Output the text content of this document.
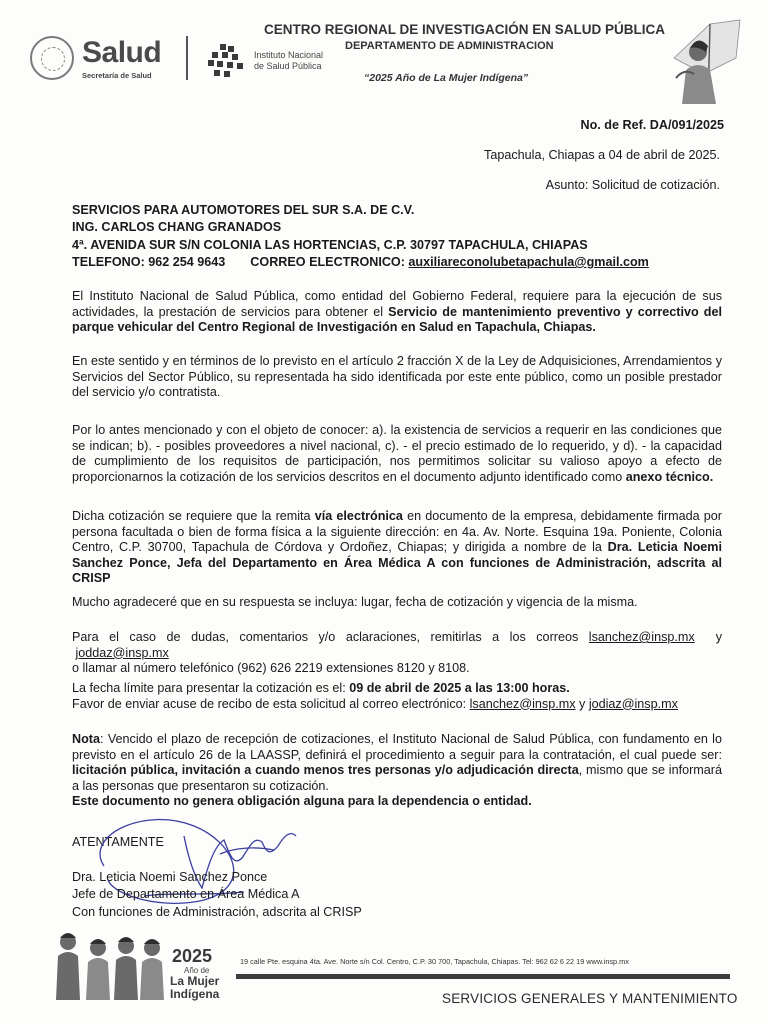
Salud
Secretaría de Salud
Instituto Nacional
de Salud Pública
CENTRO REGIONAL DE INVESTIGACIÓN EN SALUD PÚBLICA
DEPARTAMENTO DE ADMINISTRACION
“2025 Año de La Mujer Indígena”
No. de Ref. DA/091/2025
Tapachula, Chiapas a 04 de abril de 2025.
Asunto: Solicitud de cotización.
SERVICIOS PARA AUTOMOTORES DEL SUR S.A. DE C.V.
ING. CARLOS CHANG GRANADOS
4ª. AVENIDA SUR S/N COLONIA LAS HORTENCIAS, C.P. 30797 TAPACHULA, CHIAPAS
TELEFONO: 962 254 9643 CORREO ELECTRONICO: auxiliareconolubetapachula@gmail.com
El Instituto Nacional de Salud Pública, como entidad del Gobierno Federal, requiere para la ejecución de sus actividades, la prestación de servicios para obtener el Servicio de mantenimiento preventivo y correctivo del parque vehicular del Centro Regional de Investigación en Salud en Tapachula, Chiapas.
En este sentido y en términos de lo previsto en el artículo 2 fracción X de la Ley de Adquisiciones, Arrendamientos y Servicios del Sector Público, su representada ha sido identificada por este ente público, como un posible prestador del servicio y/o contratista.
Por lo antes mencionado y con el objeto de conocer: a). la existencia de servicios a requerir en las condiciones que se indican; b). - posibles proveedores a nivel nacional, c). - el precio estimado de lo requerido, y d). - la capacidad de cumplimiento de los requisitos de participación, nos permitimos solicitar su valioso apoyo a efecto de proporcionarnos la cotización de los servicios descritos en el documento adjunto identificado como anexo técnico.
Dicha cotización se requiere que la remita vía electrónica en documento de la empresa, debidamente firmada por persona facultada o bien de forma física a la siguiente dirección: en 4a. Av. Norte. Esquina 19a. Poniente, Colonia Centro, C.P. 30700, Tapachula de Córdova y Ordoñez, Chiapas; y dirigida a nombre de la Dra. Leticia Noemi Sanchez Ponce, Jefa del Departamento en Área Médica A con funciones de Administración, adscrita al CRISP
Mucho agradeceré que en su respuesta se incluya: lugar, fecha de cotización y vigencia de la misma.
Para el caso de dudas, comentarios y/o aclaraciones, remitirlas a los correos lsanchez@insp.mx y  joddaz@insp.mx
o llamar al número telefónico (962) 626 2219 extensiones 8120 y 8108.
La fecha límite para presentar la cotización es el: 09 de abril de 2025 a las 13:00 horas.
Favor de enviar acuse de recibo de esta solicitud al correo electrónico: lsanchez@insp.mx y jodiaz@insp.mx
Nota: Vencido el plazo de recepción de cotizaciones, el Instituto Nacional de Salud Pública, con fundamento en lo previsto en el artículo 26 de la LAASSP, definirá el procedimiento a seguir para la contratación, el cual puede ser: licitación pública, invitación a cuando menos tres personas y/o adjudicación directa, mismo que se informará a las personas que presentaron su cotización.
Este documento no genera obligación alguna para la dependencia o entidad.
ATENTAMENTE
Dra. Leticia Noemi Sanchez Ponce
Jefe de Departamento en Área Médica A
Con funciones de Administración, adscrita al CRISP
2025
Año de
La Mujer
Indígena
19 calle Pte. esquina 4ta. Ave. Norte s/n Col. Centro, C.P. 30 700, Tapachula, Chiapas. Tel: 962 62 6 22 19 www.insp.mx
SERVICIOS GENERALES Y MANTENIMIENTO
